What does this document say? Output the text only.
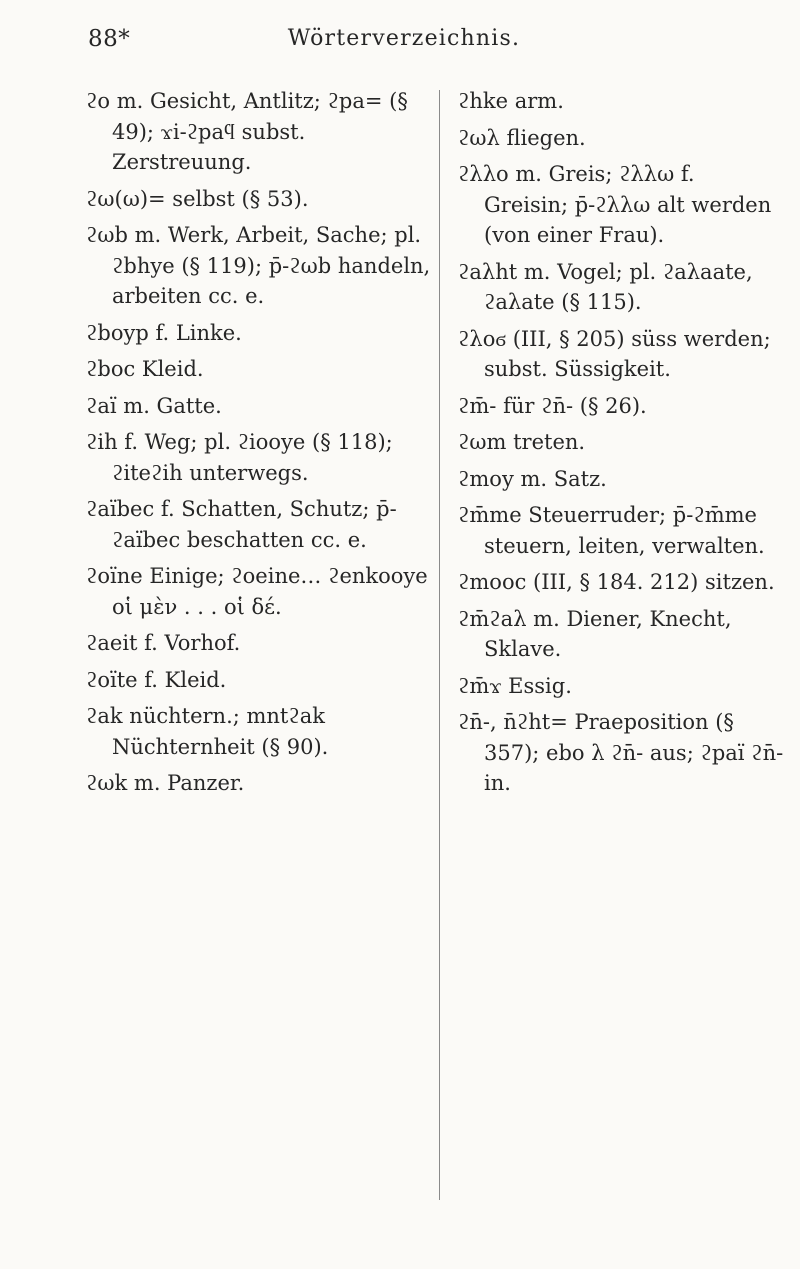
88*	Wörterverzeichnis.
ϩo m. Gesicht, Antlitz; ϩpa= (§ 49); ϫi-ϩpaϥ subst. Zerstreuung.
ϩω(ω)= selbst (§ 53).
ϩωb m. Werk, Arbeit, Sache; pl. ϩbhye (§ 119); p̄-ϩωb handeln, arbeiten cc. e.
ϩboyp f. Linke.
ϩboc Kleid.
ϩaï m. Gatte.
ϩih f. Weg; pl. ϩiooye (§ 118); ϩiteϩih unterwegs.
ϩaïbec f. Schatten, Schutz; p̄-ϩaïbec beschatten cc. e.
ϩoïne Einige; ϩoeine… ϩenkooye οἱ μὲν . . . οἱ δέ.
ϩaeit f. Vorhof.
ϩoïte f. Kleid.
ϩak nüchtern.; mntϩak Nüchternheit (§ 90).
ϩωk m. Panzer.
ϩhke arm.
ϩωλ fliegen.
ϩλλo m. Greis; ϩλλω f. Greisin; p̄-ϩλλω alt werden (von einer Frau).
ϩaλht m. Vogel; pl. ϩaλaate, ϩaλate (§ 115).
ϩλoϭ (III, § 205) süss werden; subst. Süssigkeit.
ϩm̄- für ϩn̄- (§ 26).
ϩωm treten.
ϩmoy m. Satz.
ϩm̄me Steuerruder; p̄-ϩm̄me steuern, leiten, verwalten.
ϩmooc (III, § 184. 212) sitzen.
ϩm̄ϩaλ m. Diener, Knecht, Sklave.
ϩm̄ϫ Essig.
ϩn̄-, n̄ϩht= Praeposition (§ 357); ebo λ ϩn̄- aus; ϩpaï ϩn̄- in.
